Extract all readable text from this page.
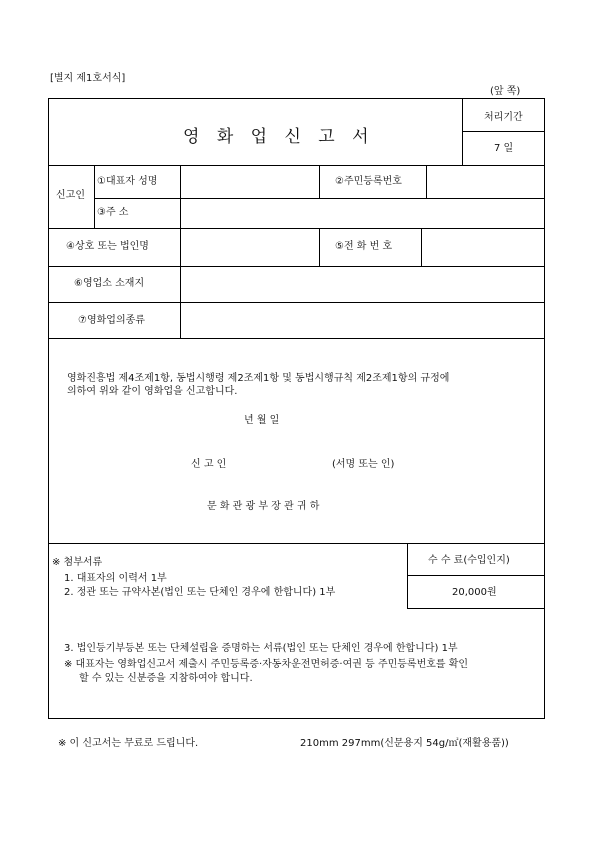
[별지 제1호서식]
(앞 쪽)
영 화 업 신 고 서
처리기간
7 일
신고인
①대표자 성명	②주민등록번호
③주 소
④상호 또는 법인명	⑤전 화 번 호
⑥영업소 소재지
⑦영화업의종류
영화진흥법 제4조제1항, 동법시행령 제2조제1항 및 동법시행규칙 제2조제1항의 규정에
의하여 위와 같이 영화업을 신고합니다.
년 월 일
신 고 인	(서명 또는 인)
문 화 관 광 부 장 관 귀 하
※ 첨부서류
1. 대표자의 이력서 1부
2. 정관 또는 규약사본(법인 또는 단체인 경우에 한합니다) 1부
수 수 료(수입인지)
20,000원
3. 법인등기부등본 또는 단체설립을 증명하는 서류(법인 또는 단체인 경우에 한합니다) 1부
※ 대표자는 영화업신고서 제출시 주민등록증·자동차운전면허증·여권 등 주민등록번호를 확인
할 수 있는 신분증을 지참하여야 합니다.
※ 이 신고서는 무료로 드립니다.	210mm 297mm(신문용지 54g/㎡(재활용품))
